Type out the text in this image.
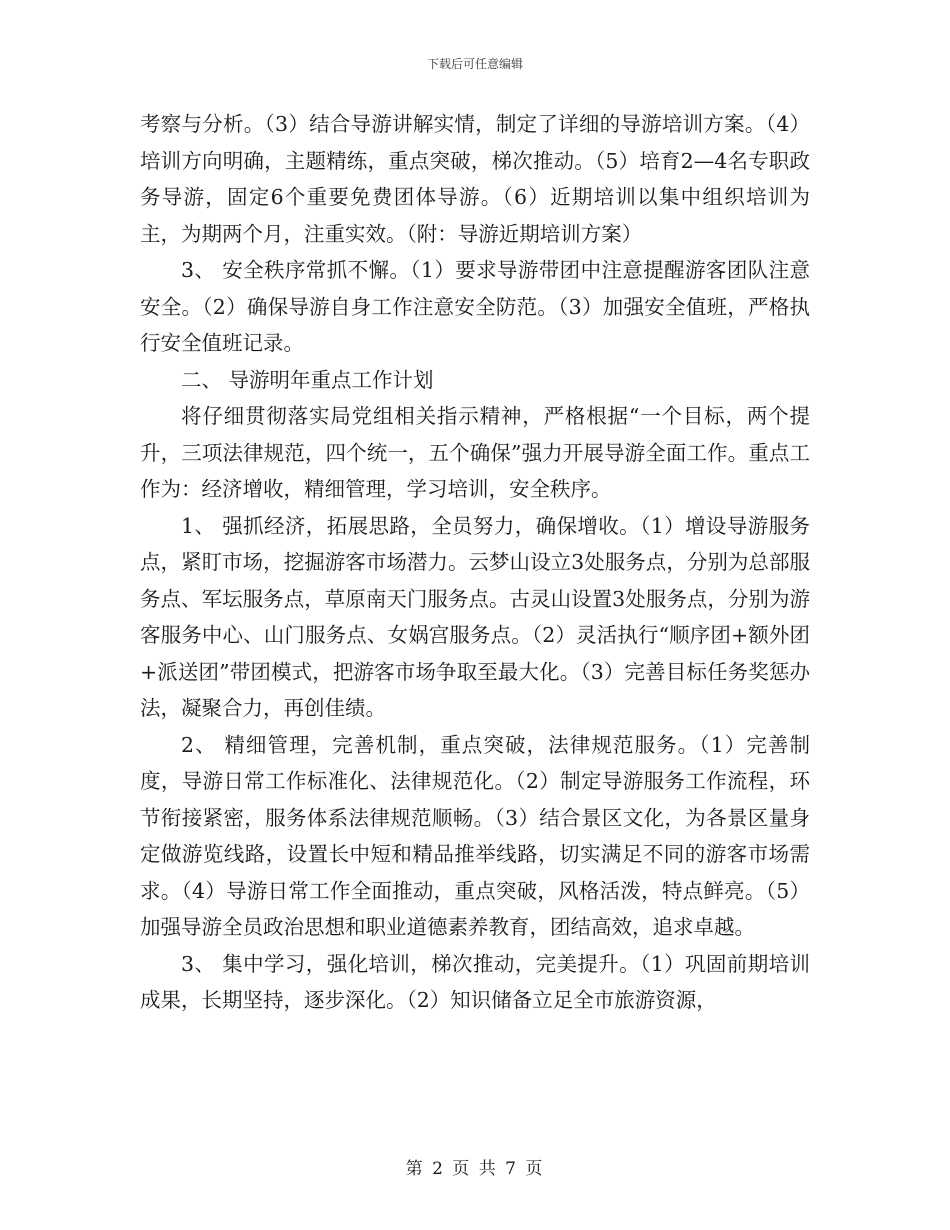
下载后可任意编辑

考察与分析。（3）结合导游讲解实情，制定了详细的导游培训方案。（4）培训方向明确，主题精练，重点突破，梯次推动。（5）培育2—4名专职政务导游，固定6个重要免费团体导游。（6）近期培训以集中组织培训为主，为期两个月，注重实效。（附：导游近期培训方案）

3、 安全秩序常抓不懈。（1）要求导游带团中注意提醒游客团队注意安全。（2）确保导游自身工作注意安全防范。（3）加强安全值班，严格执行安全值班记录。

二、 导游明年重点工作计划

将仔细贯彻落实局党组相关指示精神，严格根据“一个目标，两个提升，三项法律规范，四个统一，五个确保”强力开展导游全面工作。重点工作为：经济增收，精细管理，学习培训，安全秩序。

1、 强抓经济，拓展思路，全员努力，确保增收。（1）增设导游服务点，紧盯市场，挖掘游客市场潜力。云梦山设立3处服务点，分别为总部服务点、军坛服务点，草原南天门服务点。古灵山设置3处服务点，分别为游客服务中心、山门服务点、女娲宫服务点。（2）灵活执行“顺序团+额外团+派送团”带团模式，把游客市场争取至最大化。（3）完善目标任务奖惩办法，凝聚合力，再创佳绩。

2、 精细管理，完善机制，重点突破，法律规范服务。（1）完善制度，导游日常工作标准化、法律规范化。（2）制定导游服务工作流程，环节衔接紧密，服务体系法律规范顺畅。（3）结合景区文化，为各景区量身定做游览线路，设置长中短和精品推举线路，切实满足不同的游客市场需求。（4）导游日常工作全面推动，重点突破，风格活泼，特点鲜亮。（5）加强导游全员政治思想和职业道德素养教育，团结高效，追求卓越。

3、 集中学习，强化培训，梯次推动，完美提升。（1）巩固前期培训成果，长期坚持，逐步深化。（2）知识储备立足全市旅游资源，

第 2 页 共 7 页
